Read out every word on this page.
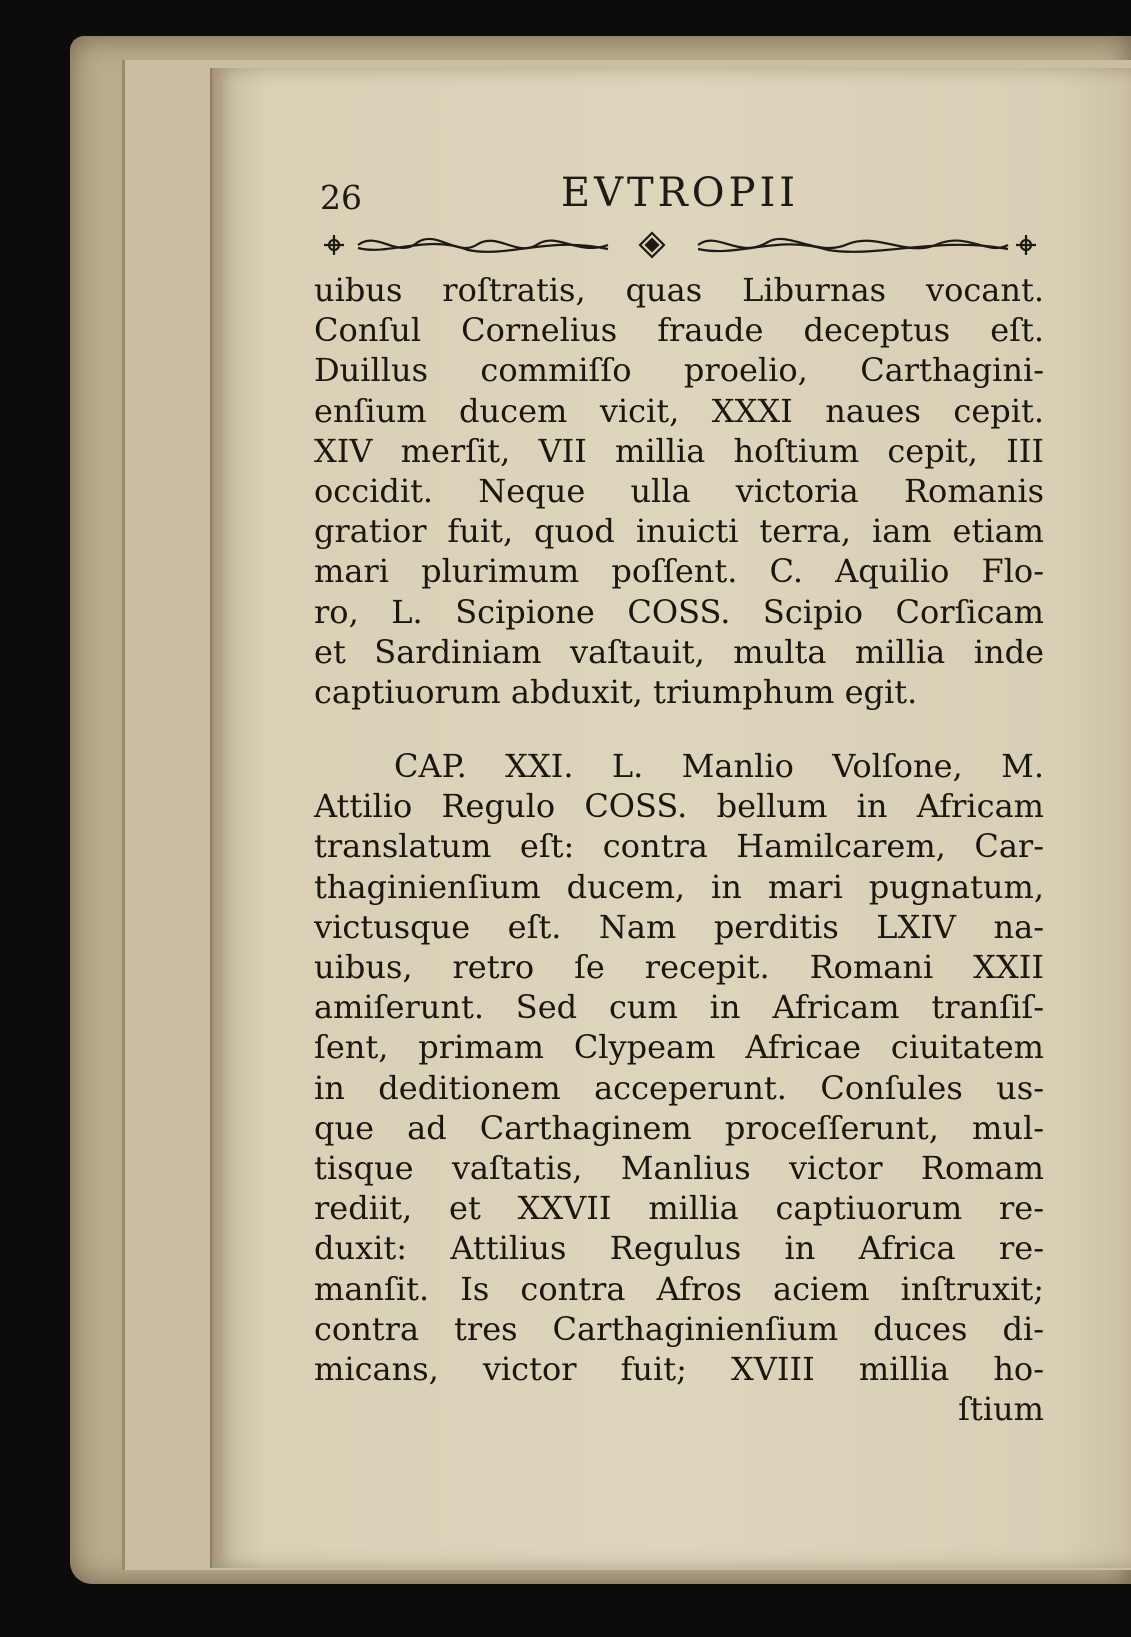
26	EVTROPII
uibus roſtratis, quas Liburnas vocant.
Conſul Cornelius fraude deceptus eſt.
Duillus commiſſo proelio, Carthagini-
enſium ducem vicit, XXXI naues cepit.
XIV merſit, VII millia hoſtium cepit, III
occidit. Neque ulla victoria Romanis
gratior fuit, quod inuicti terra, iam etiam
mari plurimum poſſent. C. Aquilio Flo-
ro, L. Scipione COSS. Scipio Corſicam
et Sardiniam vaſtauit, multa millia inde
captiuorum abduxit, triumphum egit.
CAP. XXI. L. Manlio Volſone, M.
Attilio Regulo COSS. bellum in Africam
translatum eſt: contra Hamilcarem, Car-
thaginienſium ducem, in mari pugnatum,
victusque eſt. Nam perditis LXIV na-
uibus, retro ſe recepit. Romani XXII
amiſerunt. Sed cum in Africam tranſiſ-
ſent, primam Clypeam Africae ciuitatem
in deditionem acceperunt. Conſules us-
que ad Carthaginem proceſſerunt, mul-
tisque vaſtatis, Manlius victor Romam
rediit, et XXVII millia captiuorum re-
duxit: Attilius Regulus in Africa re-
manſit. Is contra Afros aciem inſtruxit;
contra tres Carthaginienſium duces di-
micans, victor fuit; XVIII millia ho-
ſtium
